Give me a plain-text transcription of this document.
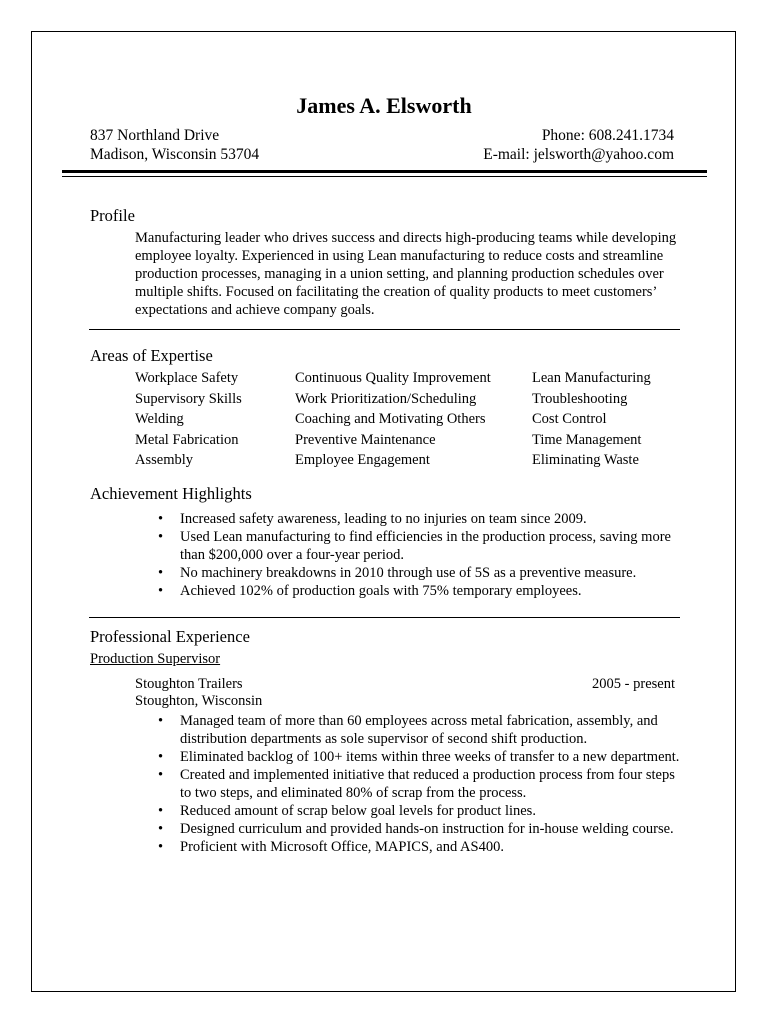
James A. Elsworth
837 Northland Drive
Madison, Wisconsin 53704
Phone: 608.241.1734
E-mail: jelsworth@yahoo.com
Profile
Manufacturing leader who drives success and directs high-producing teams while developing employee loyalty. Experienced in using Lean manufacturing to reduce costs and streamline production processes, managing in a union setting, and planning production schedules over multiple shifts. Focused on facilitating the creation of quality products to meet customers’ expectations and achieve company goals.
Areas of Expertise
Workplace Safety
Supervisory Skills
Welding
Metal Fabrication
Assembly
Continuous Quality Improvement
Work Prioritization/Scheduling
Coaching and Motivating Others
Preventive Maintenance
Employee Engagement
Lean Manufacturing
Troubleshooting
Cost Control
Time Management
Eliminating Waste
Achievement Highlights
• Increased safety awareness, leading to no injuries on team since 2009.
• Used Lean manufacturing to find efficiencies in the production process, saving more than $200,000 over a four-year period.
• No machinery breakdowns in 2010 through use of 5S as a preventive measure.
• Achieved 102% of production goals with 75% temporary employees.
Professional Experience
Production Supervisor
Stoughton Trailers	2005 - present
Stoughton, Wisconsin
• Managed team of more than 60 employees across metal fabrication, assembly, and distribution departments as sole supervisor of second shift production.
• Eliminated backlog of 100+ items within three weeks of transfer to a new department.
• Created and implemented initiative that reduced a production process from four steps to two steps, and eliminated 80% of scrap from the process.
• Reduced amount of scrap below goal levels for product lines.
• Designed curriculum and provided hands-on instruction for in-house welding course.
• Proficient with Microsoft Office, MAPICS, and AS400.
